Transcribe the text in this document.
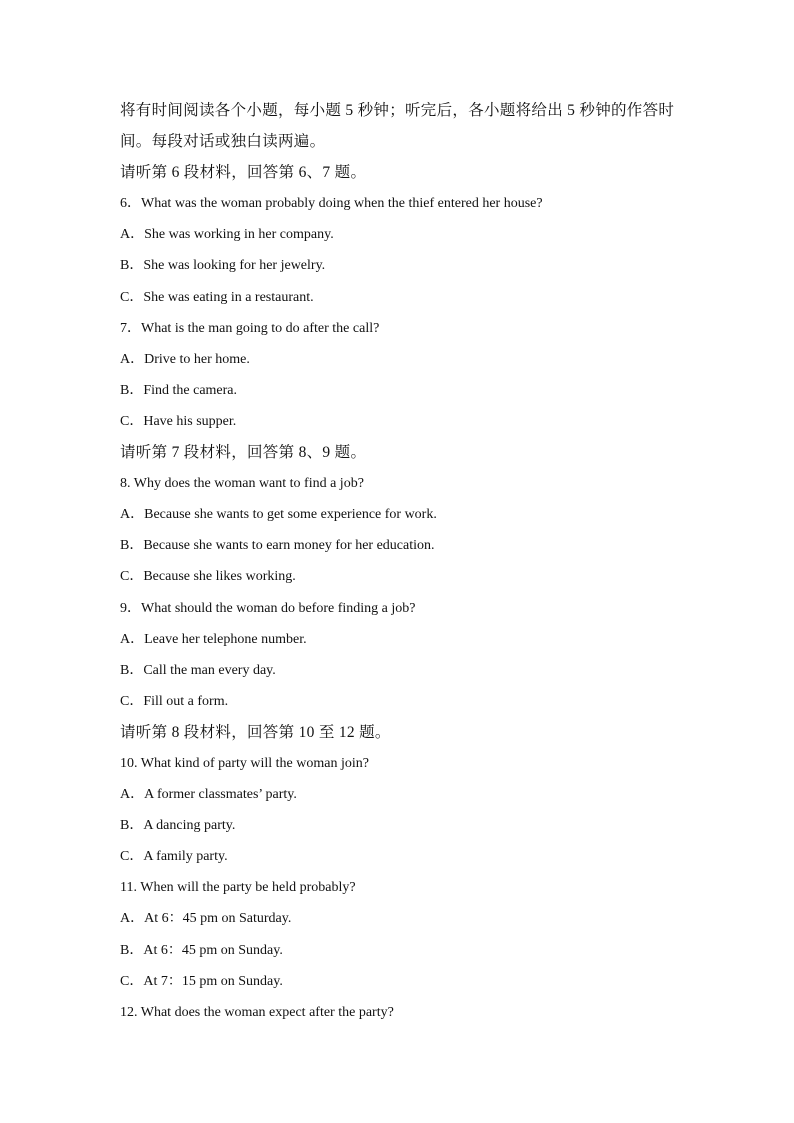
将有时间阅读各个小题，每小题 5 秒钟；听完后，各小题将给出 5 秒钟的作答时
间。每段对话或独白读两遍。
请听第 6 段材料，回答第 6、7 题。
6．What was the woman probably doing when the thief entered her house?
A．She was working in her company.
B．She was looking for her jewelry.
C．She was eating in a restaurant.
7．What is the man going to do after the call?
A．Drive to her home.
B．Find the camera.
C．Have his supper.
请听第 7 段材料，回答第 8、9 题。
8. Why does the woman want to find a job?
A．Because she wants to get some experience for work.
B．Because she wants to earn money for her education.
C．Because she likes working.
9．What should the woman do before finding a job?
A．Leave her telephone number.
B．Call the man every day.
C．Fill out a form.
请听第 8 段材料，回答第 10 至 12 题。
10. What kind of party will the woman join?
A．A former classmates’ party.
B．A dancing party.
C．A family party.
11. When will the party be held probably?
A．At 6：45 pm on Saturday.
B．At 6：45 pm on Sunday.
C．At 7：15 pm on Sunday.
12. What does the woman expect after the party?
